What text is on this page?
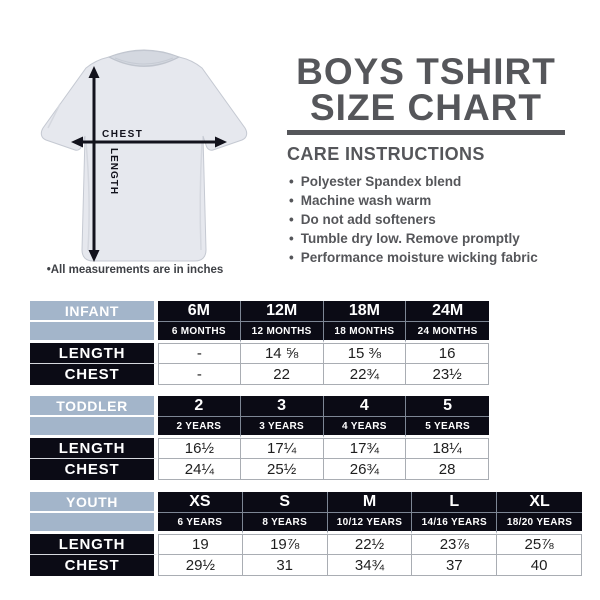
CHEST
LENGTH
•All measurements are in inches
BOYS TSHIRT
SIZE CHART
CARE INSTRUCTIONS
• Polyester Spandex blend
• Machine wash warm
• Do not add softeners
• Tumble dry low. Remove promptly
• Performance moisture wicking fabric
INFANT	6M	12M	18M	24M
	6 MONTHS	12 MONTHS	18 MONTHS	24 MONTHS
LENGTH	-	14 ⅝	15 ⅜	16
CHEST	-	22	22¾	23½
TODDLER	2	3	4	5
	2 YEARS	3 YEARS	4 YEARS	5 YEARS
LENGTH	16½	17¼	17¾	18¼
CHEST	24¼	25½	26¾	28
YOUTH	XS	S	M	L	XL
	6 YEARS	8 YEARS	10/12 YEARS	14/16 YEARS	18/20 YEARS
LENGTH	19	19⅞	22½	23⅞	25⅞
CHEST	29½	31	34¾	37	40
